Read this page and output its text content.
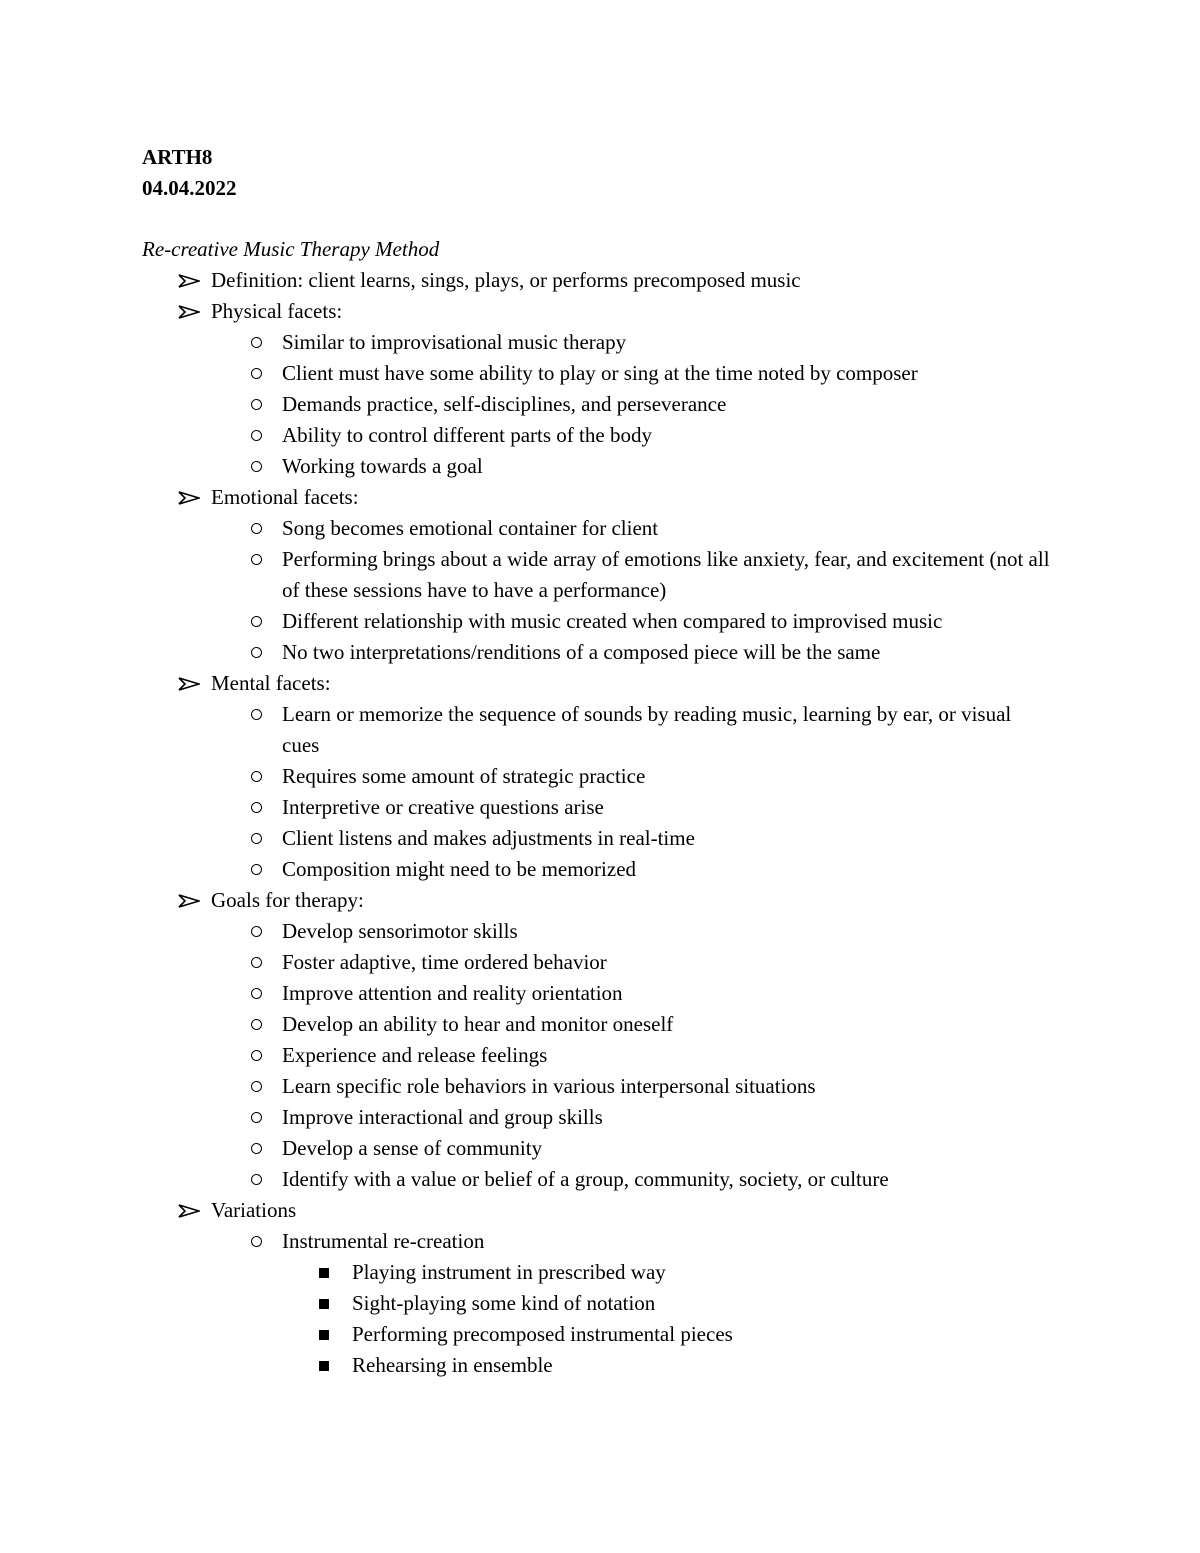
ARTH8
04.04.2022
Re-creative Music Therapy Method
Definition: client learns, sings, plays, or performs precomposed music
Physical facets:
Similar to improvisational music therapy
Client must have some ability to play or sing at the time noted by composer
Demands practice, self-disciplines, and perseverance
Ability to control different parts of the body
Working towards a goal
Emotional facets:
Song becomes emotional container for client
Performing brings about a wide array of emotions like anxiety, fear, and excitement (not all of these sessions have to have a performance)
Different relationship with music created when compared to improvised music
No two interpretations/renditions of a composed piece will be the same
Mental facets:
Learn or memorize the sequence of sounds by reading music, learning by ear, or visual cues
Requires some amount of strategic practice
Interpretive or creative questions arise
Client listens and makes adjustments in real-time
Composition might need to be memorized
Goals for therapy:
Develop sensorimotor skills
Foster adaptive, time ordered behavior
Improve attention and reality orientation
Develop an ability to hear and monitor oneself
Experience and release feelings
Learn specific role behaviors in various interpersonal situations
Improve interactional and group skills
Develop a sense of community
Identify with a value or belief of a group, community, society, or culture
Variations
Instrumental re-creation
Playing instrument in prescribed way
Sight-playing some kind of notation
Performing precomposed instrumental pieces
Rehearsing in ensemble
